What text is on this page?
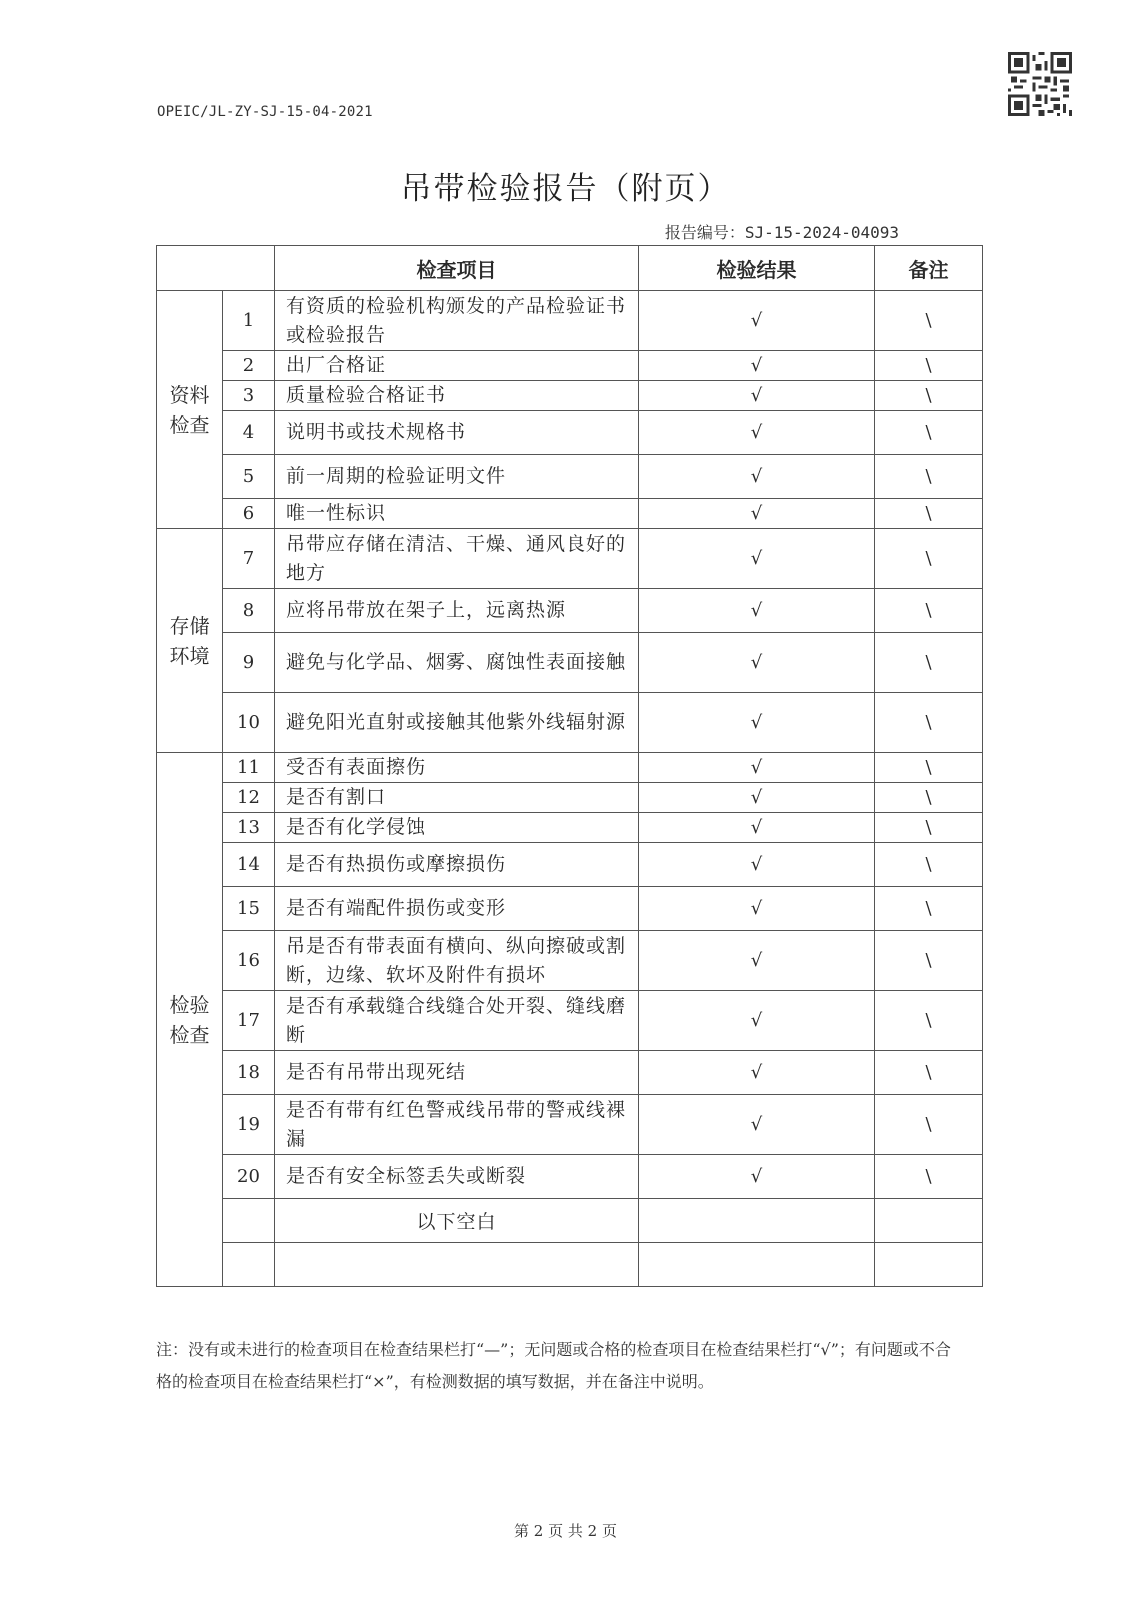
OPEIC/JL-ZY-SJ-15-04-2021
吊带检验报告（附页）
报告编号：SJ-15-2024-04093
		检查项目	检验结果	备注
资料检查	1	有资质的检验机构颁发的产品检验证书或检验报告	√	\
	2	出厂合格证	√	\
	3	质量检验合格证书	√	\
	4	说明书或技术规格书	√	\
	5	前一周期的检验证明文件	√	\
	6	唯一性标识	√	\
存储环境	7	吊带应存储在清洁、干燥、通风良好的地方	√	\
	8	应将吊带放在架子上，远离热源	√	\
	9	避免与化学品、烟雾、腐蚀性表面接触	√	\
	10	避免阳光直射或接触其他紫外线辐射源	√	\
检验检查	11	受否有表面擦伤	√	\
	12	是否有割口	√	\
	13	是否有化学侵蚀	√	\
	14	是否有热损伤或摩擦损伤	√	\
	15	是否有端配件损伤或变形	√	\
	16	吊是否有带表面有横向、纵向擦破或割断，边缘、软坏及附件有损坏	√	\
	17	是否有承载缝合线缝合处开裂、缝线磨断	√	\
	18	是否有吊带出现死结	√	\
	19	是否有带有红色警戒线吊带的警戒线裸漏	√	\
	20	是否有安全标签丢失或断裂	√	\
		以下空白		

注：没有或未进行的检查项目在检查结果栏打“—”；无问题或合格的检查项目在检查结果栏打“√”；有问题或不合格的检查项目在检查结果栏打“×”，有检测数据的填写数据，并在备注中说明。
第 2 页 共 2 页
